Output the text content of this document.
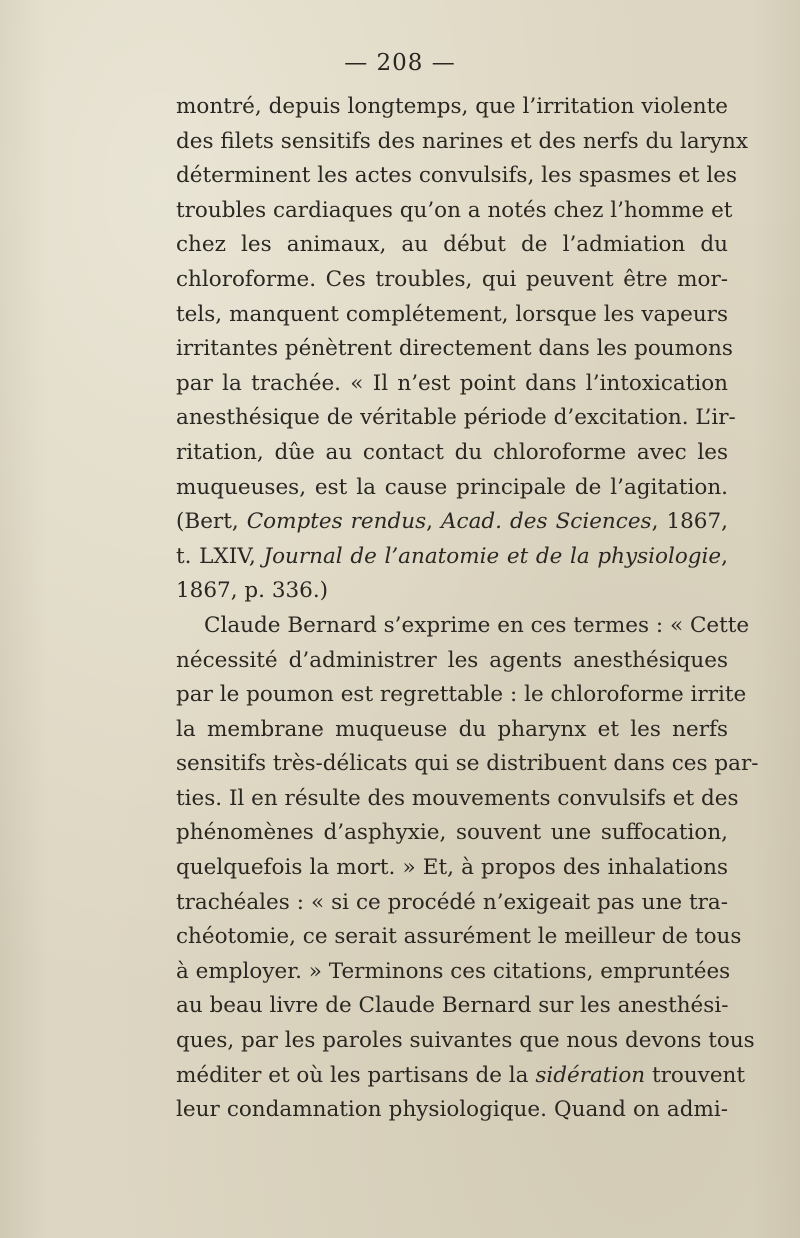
— 208 —
montré, depuis longtemps, que l’irritation violente
des filets sensitifs des narines et des nerfs du larynx
déterminent les actes convulsifs, les spasmes et les
troubles cardiaques qu’on a notés chez l’homme et
chez les animaux, au début de l’admiation du
chloroforme. Ces troubles, qui peuvent être mor-
tels, manquent complétement, lorsque les vapeurs
irritantes pénètrent directement dans les poumons
par la trachée. « Il n’est point dans l’intoxication
anesthésique de véritable période d’excitation. L’ir-
ritation, dûe au contact du chloroforme avec les
muqueuses, est la cause principale de l’agitation.
(Bert, Comptes rendus, Acad. des Sciences, 1867,
t. LXIV, Journal de l’anatomie et de la physiologie,
1867, p. 336.)
Claude Bernard s’exprime en ces termes : « Cette
nécessité d’administrer les agents anesthésiques
par le poumon est regrettable : le chloroforme irrite
la membrane muqueuse du pharynx et les nerfs
sensitifs très-délicats qui se distribuent dans ces par-
ties. Il en résulte des mouvements convulsifs et des
phénomènes d’asphyxie, souvent une suffocation,
quelquefois la mort. » Et, à propos des inhalations
trachéales : « si ce procédé n’exigeait pas une tra-
chéotomie, ce serait assurément le meilleur de tous
à employer. » Terminons ces citations, empruntées
au beau livre de Claude Bernard sur les anesthési-
ques, par les paroles suivantes que nous devons tous
méditer et où les partisans de la sidération trouvent
leur condamnation physiologique. Quand on admi-
